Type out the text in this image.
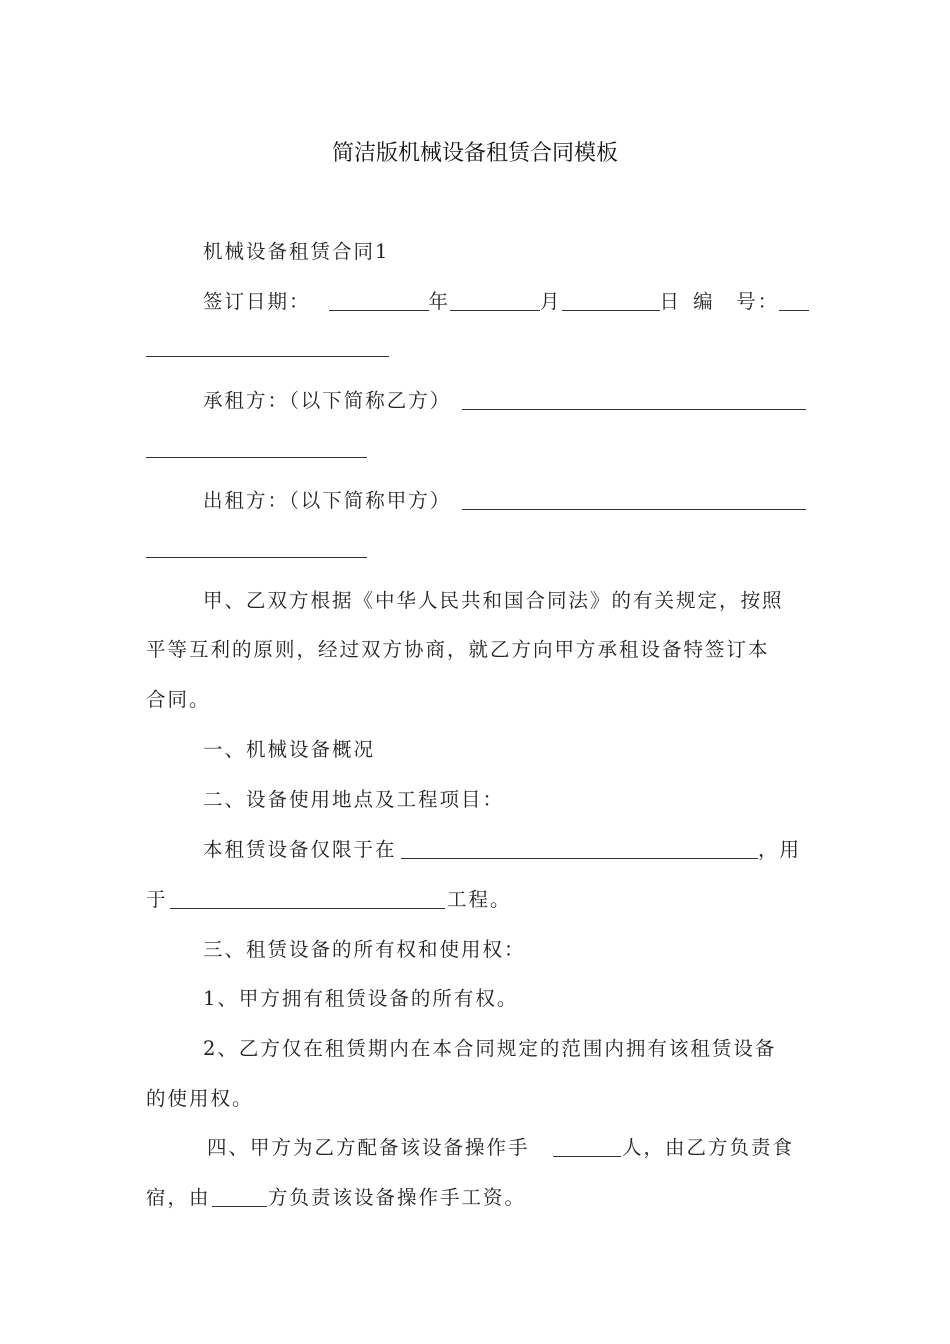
简洁版机械设备租赁合同模板
机械设备租赁合同1
签订日期：	年	月	日 编　号：
承租方：（以下简称乙方）
出租方：（以下简称甲方）
甲、乙双方根据《中华人民共和国合同法》的有关规定，按照
平等互利的原则，经过双方协商，就乙方向甲方承租设备特签订本
合同。
一、机械设备概况
二、设备使用地点及工程项目：
本租赁设备仅限于在	，用
于	工程。
三、租赁设备的所有权和使用权：
1、甲方拥有租赁设备的所有权。
2、乙方仅在租赁期内在本合同规定的范围内拥有该租赁设备
的使用权。
四、甲方为乙方配备该设备操作手	人，由乙方负责食
宿，由	方负责该设备操作手工资。
